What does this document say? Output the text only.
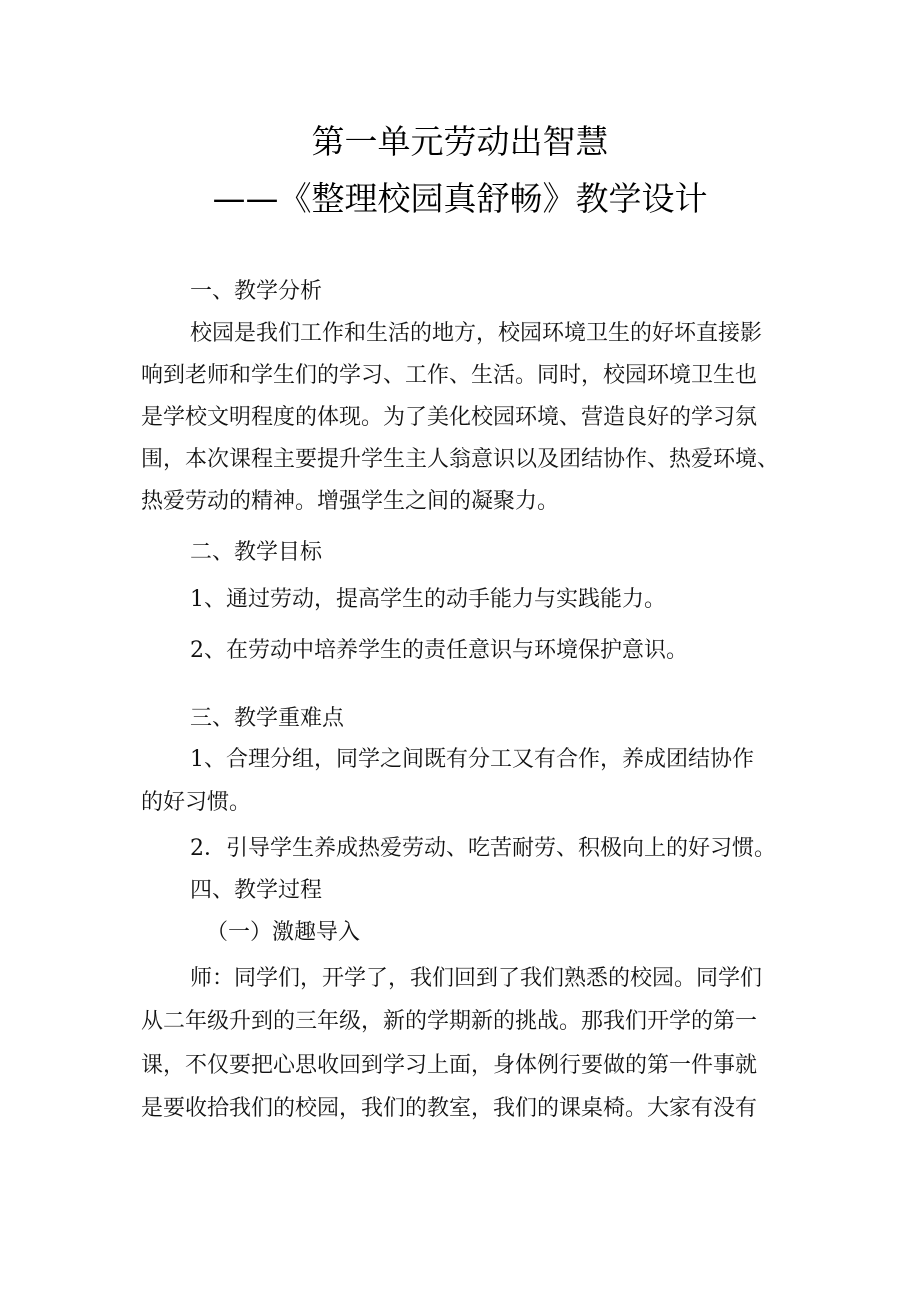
第一单元劳动出智慧
——《整理校园真舒畅》教学设计
一、教学分析
校园是我们工作和生活的地方，校园环境卫生的好坏直接影
响到老师和学生们的学习、工作、生活。同时，校园环境卫生也
是学校文明程度的体现。为了美化校园环境、营造良好的学习氛
围，本次课程主要提升学生主人翁意识以及团结协作、热爱环境、
热爱劳动的精神。增强学生之间的凝聚力。
二、教学目标
1、通过劳动，提高学生的动手能力与实践能力。
2、在劳动中培养学生的责任意识与环境保护意识。
三、教学重难点
1、合理分组，同学之间既有分工又有合作，养成团结协作
的好习惯。
2．引导学生养成热爱劳动、吃苦耐劳、积极向上的好习惯。
四、教学过程
（一）激趣导入
师：同学们，开学了，我们回到了我们熟悉的校园。同学们
从二年级升到的三年级，新的学期新的挑战。那我们开学的第一
课，不仅要把心思收回到学习上面，身体例行要做的第一件事就
是要收拾我们的校园，我们的教室，我们的课桌椅。大家有没有
